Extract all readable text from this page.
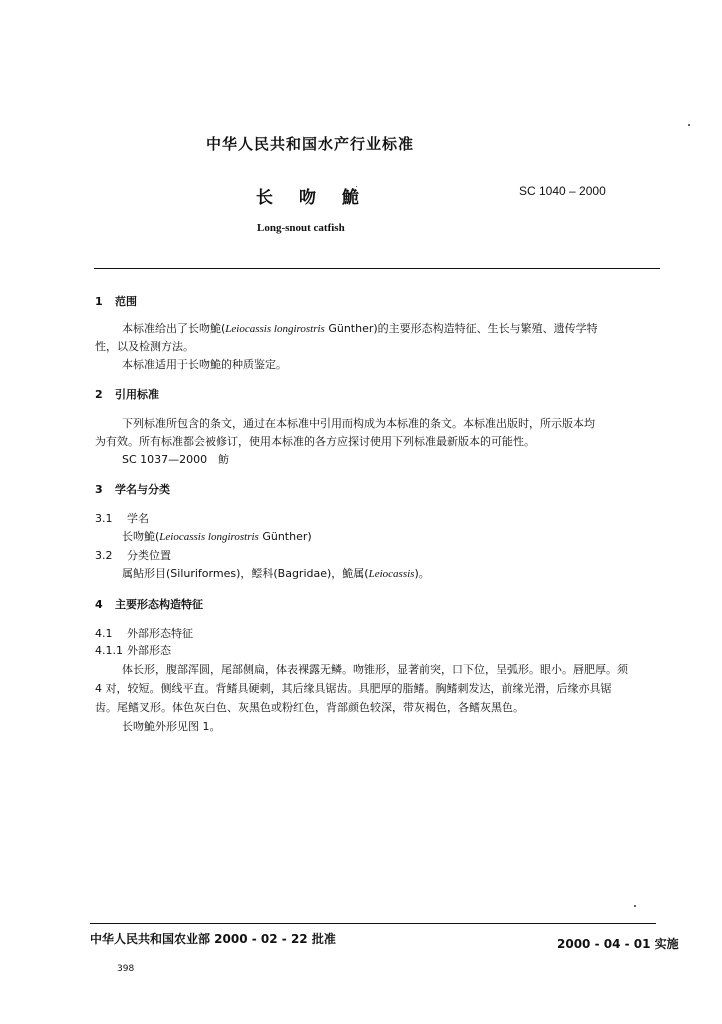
中华人民共和国水产行业标准
长 吻 鮠	SC 1040 – 2000
Long-snout catfish
1 范围
本标准给出了长吻鮠(Leiocassis longirostris Günther)的主要形态构造特征、生长与繁殖、遗传学特
性，以及检测方法。
本标准适用于长吻鮠的种质鉴定。
2 引用标准
下列标准所包含的条文，通过在本标准中引用而构成为本标准的条文。本标准出版时，所示版本均
为有效。所有标准都会被修订，使用本标准的各方应探讨使用下列标准最新版本的可能性。
SC 1037—2000　鲂
3 学名与分类
3.1 学名
长吻鮠(Leiocassis longirostris Günther)
3.2 分类位置
属鲇形目(Siluriformes)，鲿科(Bagridae)，鮠属(Leiocassis)。
4 主要形态构造特征
4.1 外部形态特征
4.1.1 外部形态
体长形，腹部浑圆，尾部侧扁，体表裸露无鳞。吻锥形，显著前突，口下位，呈弧形。眼小。唇肥厚。须
4 对，较短。侧线平直。背鳍具硬刺，其后缘具锯齿。具肥厚的脂鳍。胸鳍刺发达，前缘光滑，后缘亦具锯
齿。尾鳍叉形。体色灰白色、灰黑色或粉红色，背部颜色较深，带灰褐色，各鳍灰黑色。
长吻鮠外形见图 1。
中华人民共和国农业部 2000 - 02 - 22 批准	2000 - 04 - 01 实施
398
